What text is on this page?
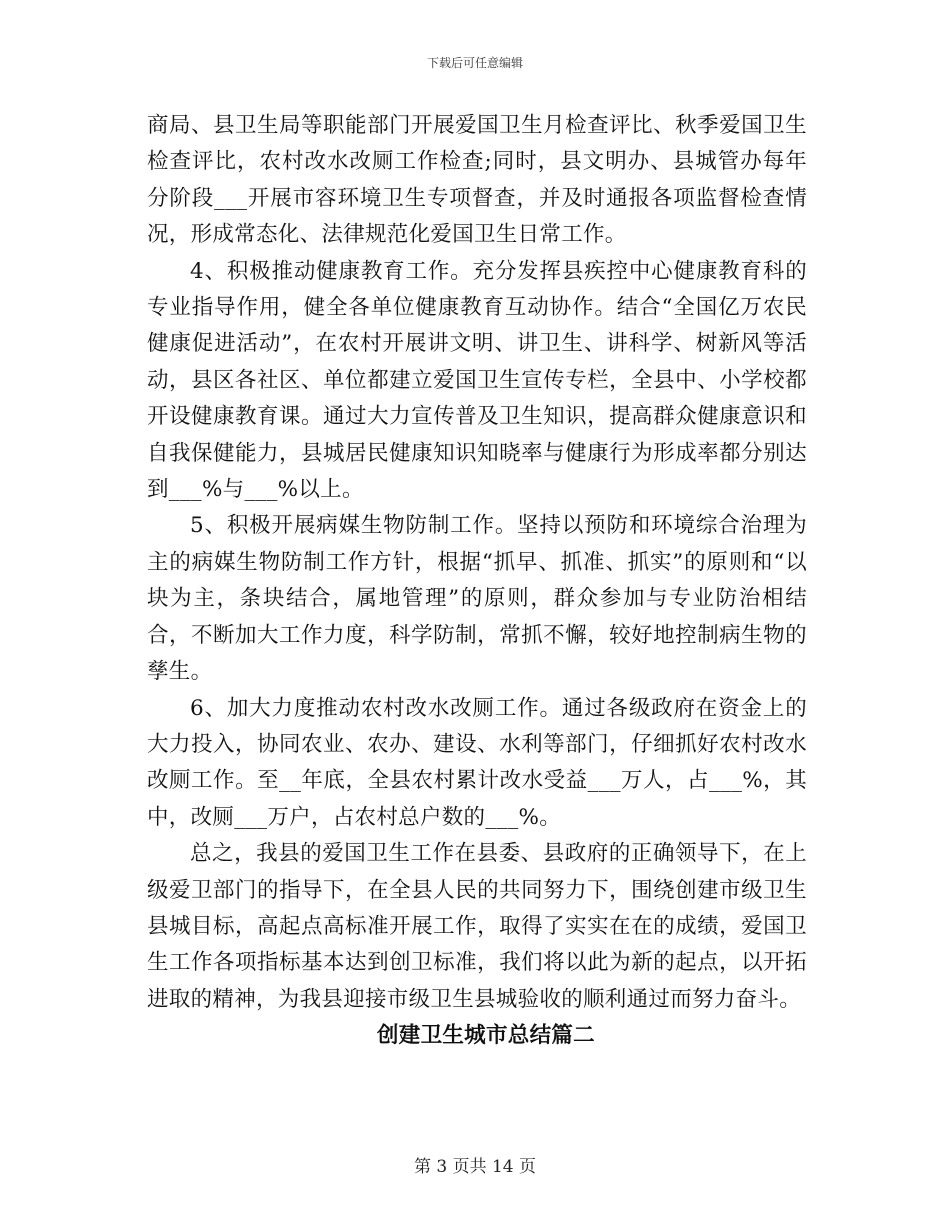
下载后可任意编辑

商局、县卫生局等职能部门开展爱国卫生月检查评比、秋季爱国卫生检查评比，农村改水改厕工作检查;同时，县文明办、县城管办每年分阶段___开展市容环境卫生专项督查，并及时通报各项监督检查情况，形成常态化、法律规范化爱国卫生日常工作。

4、积极推动健康教育工作。充分发挥县疾控中心健康教育科的专业指导作用，健全各单位健康教育互动协作。结合“全国亿万农民健康促进活动”，在农村开展讲文明、讲卫生、讲科学、树新风等活动，县区各社区、单位都建立爱国卫生宣传专栏，全县中、小学校都开设健康教育课。通过大力宣传普及卫生知识，提高群众健康意识和自我保健能力，县城居民健康知识知晓率与健康行为形成率都分别达到___%与___%以上。

5、积极开展病媒生物防制工作。坚持以预防和环境综合治理为主的病媒生物防制工作方针，根据“抓早、抓准、抓实”的原则和“以块为主，条块结合，属地管理”的原则，群众参加与专业防治相结合，不断加大工作力度，科学防制，常抓不懈，较好地控制病生物的孳生。

6、加大力度推动农村改水改厕工作。通过各级政府在资金上的大力投入，协同农业、农办、建设、水利等部门，仔细抓好农村改水改厕工作。至__年底，全县农村累计改水受益___万人，占___%，其中，改厕___万户，占农村总户数的___%。

总之，我县的爱国卫生工作在县委、县政府的正确领导下，在上级爱卫部门的指导下，在全县人民的共同努力下，围绕创建市级卫生县城目标，高起点高标准开展工作，取得了实实在在的成绩，爱国卫生工作各项指标基本达到创卫标准，我们将以此为新的起点，以开拓进取的精神，为我县迎接市级卫生县城验收的顺利通过而努力奋斗。

创建卫生城市总结篇二

第 3 页共 14 页
